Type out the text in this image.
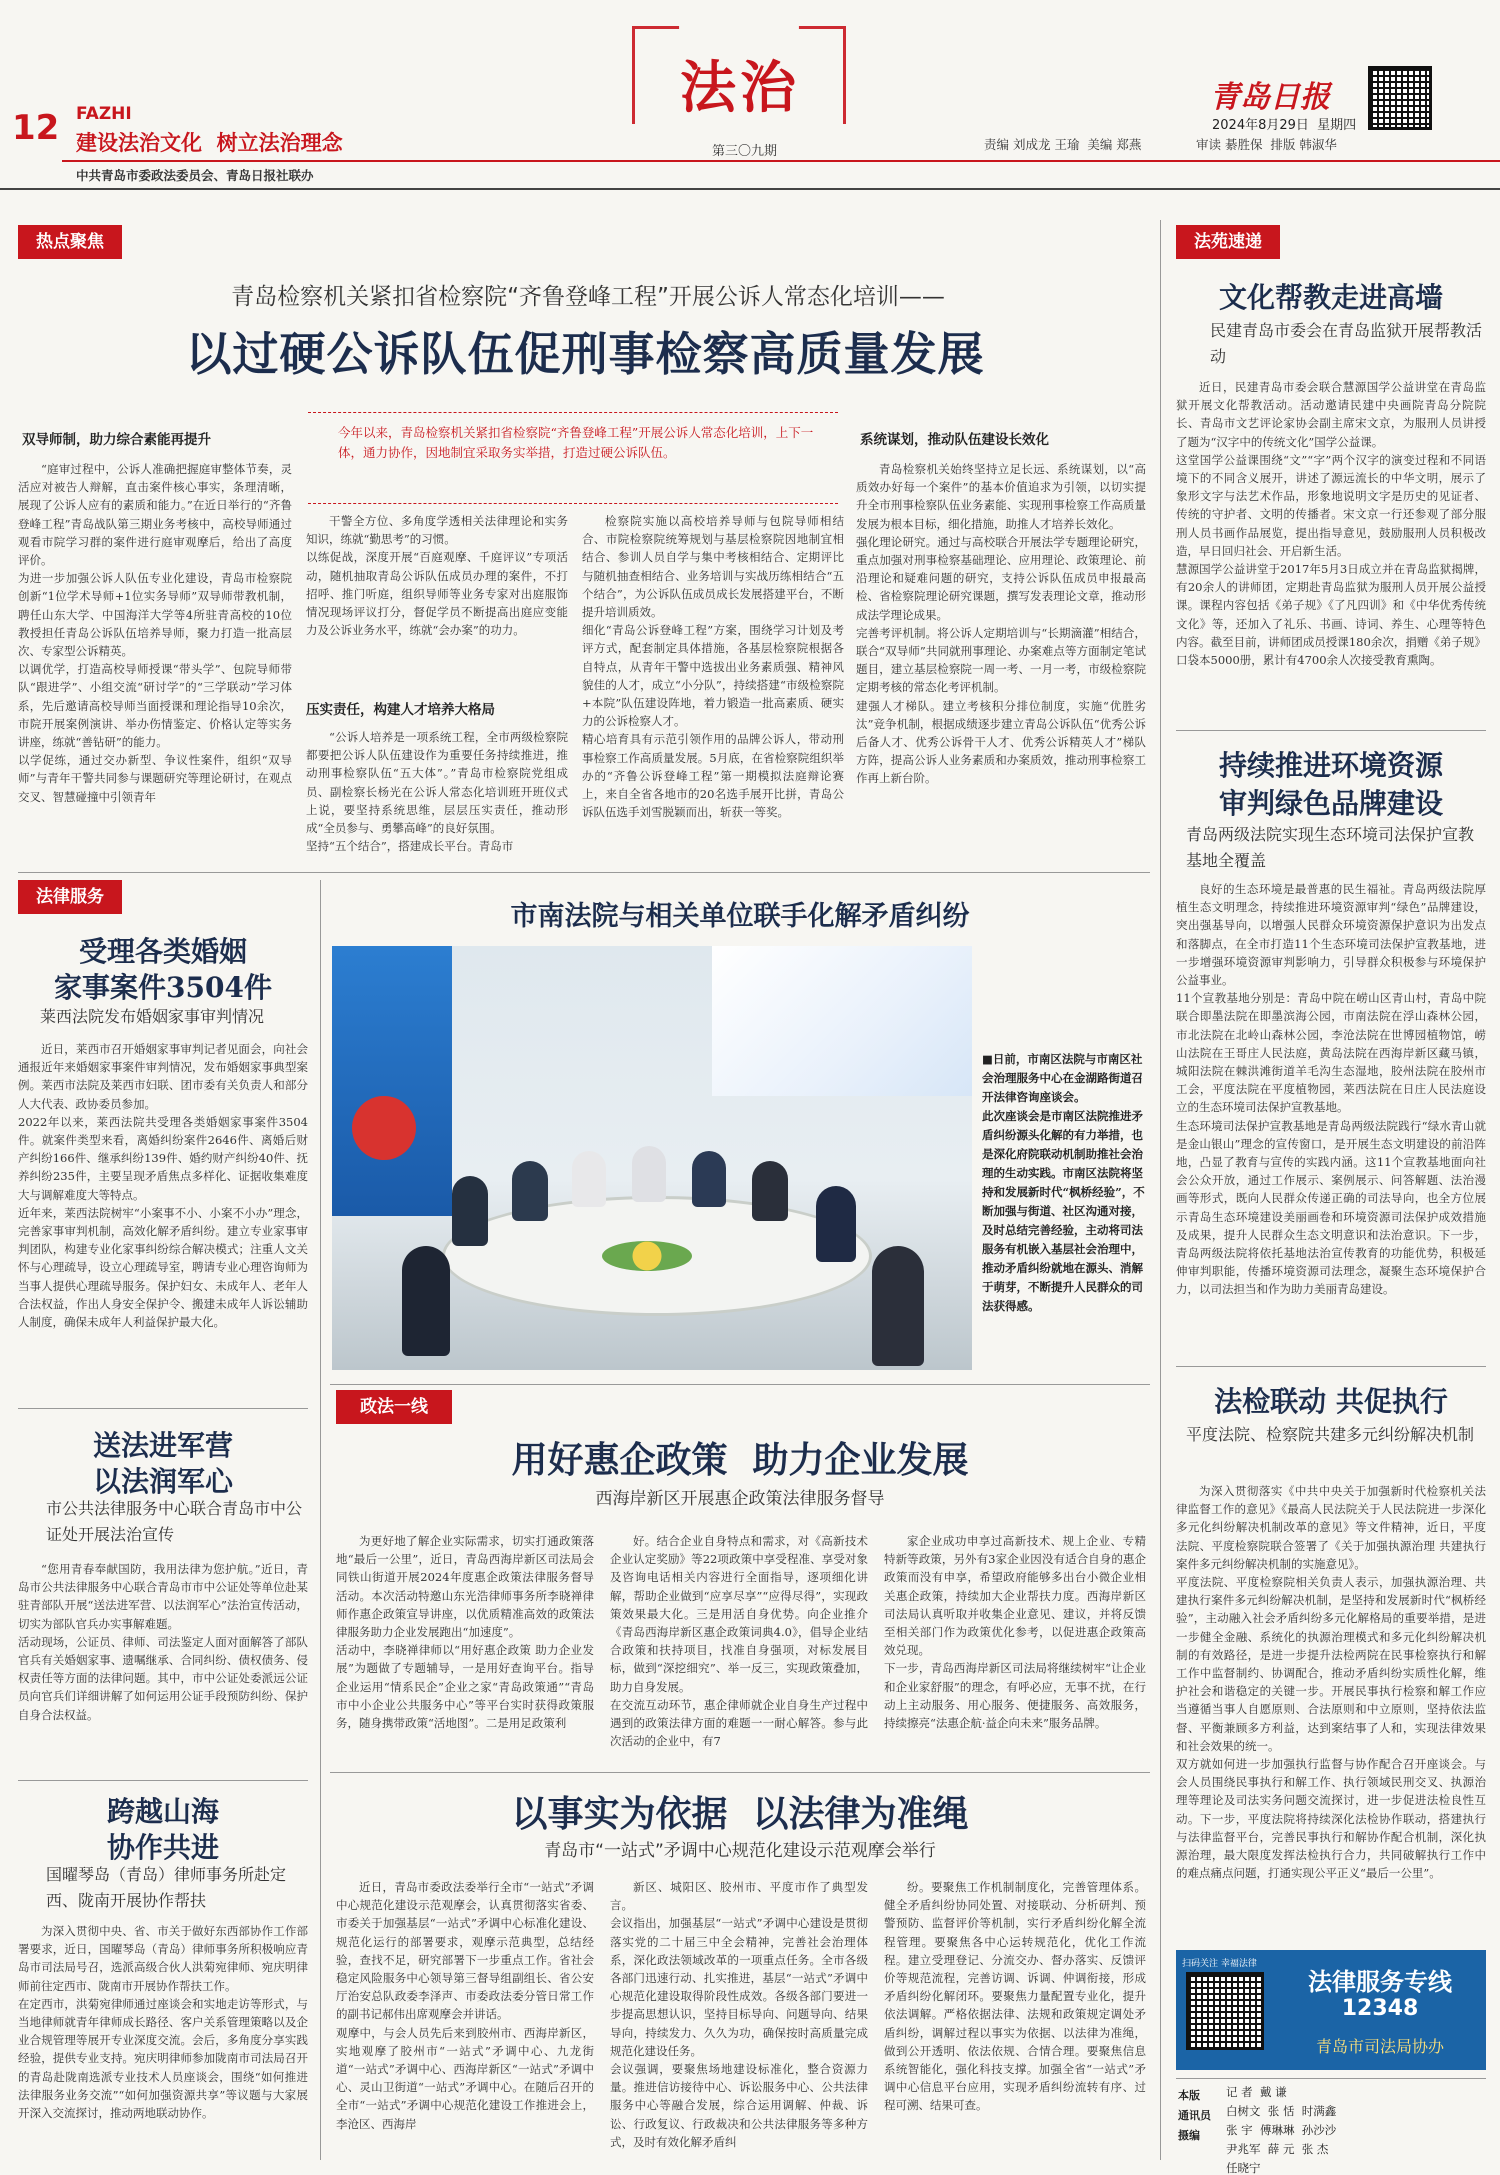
12 FAZHI
建设法治文化  树立法治理念
法治
第三〇九期
青岛日报
2024年8月29日  星期四
责编 刘成龙 王瑜  美编 郑燕	审读 綦胜保  排版 韩淑华
中共青岛市委政法委员会、青岛日报社联办
热点聚焦
青岛检察机关紧扣省检察院“齐鲁登峰工程”开展公诉人常态化培训——
以过硬公诉队伍促刑事检察高质量发展
双导师制，助力综合素能再提升
“庭审过程中，公诉人准确把握庭审整体节奏，灵活应对被告人辩解，直击案件核心事实，条理清晰，展现了公诉人应有的素质和能力。”在近日举行的“齐鲁登峰工程”青岛战队第三期业务考核中，高校导师通过观看市院学习群的案件进行庭审观摩后，给出了高度评价。
为进一步加强公诉人队伍专业化建设，青岛市检察院创新“1位学术导师+1位实务导师”双导师带教机制，聘任山东大学、中国海洋大学等4所驻青高校的10位教授担任青岛公诉队伍培养导师，聚力打造一批高层次、专家型公诉精英。
以调优学，打造高校导师授课“带头学”、包院导师带队“跟进学”、小组交流“研讨学”的“三学联动”学习体系，先后邀请高校导师当面授课和理论指导10余次，市院开展案例演讲、举办伤情鉴定、价格认定等实务讲座，练就“善钻研”的能力。
以学促练，通过交办新型、争议性案件，组织“双导师”与青年干警共同参与课题研究等理论研讨，在观点交叉、智慧碰撞中引领青年
今年以来，青岛检察机关紧扣省检察院“齐鲁登峰工程”开展公诉人常态化培训，上下一体，通力协作，因地制宜采取务实举措，打造过硬公诉队伍。
干警全方位、多角度学透相关法律理论和实务知识，练就“勤思考”的习惯。
以练促战，深度开展“百庭观摩、千庭评议”专项活动，随机抽取青岛公诉队伍成员办理的案件，不打招呼、推门听庭，组织导师等业务专家对出庭服饰情况现场评议打分，督促学员不断提高出庭应变能力及公诉业务水平，练就“会办案”的功力。
压实责任，构建人才培养大格局
“公诉人培养是一项系统工程，全市两级检察院都要把公诉人队伍建设作为重要任务持续推进，推动刑事检察队伍“五大体”。”青岛市检察院党组成员、副检察长杨光在公诉人常态化培训班开班仪式上说，要坚持系统思维，层层压实责任，推动形成“全员参与、勇攀高峰”的良好氛围。
坚持“五个结合”，搭建成长平台。青岛市
检察院实施以高校培养导师与包院导师相结合、市院检察院统筹规划与基层检察院因地制宜相结合、参训人员自学与集中考核相结合、定期评比与随机抽查相结合、业务培训与实战历练相结合“五个结合”，为公诉队伍成员成长发展搭建平台，不断提升培训质效。
细化“青岛公诉登峰工程”方案，围绕学习计划及考评方式，配套制定具体措施，各基层检察院根据各自特点，从青年干警中选拔出业务素质强、精神风貌佳的人才，成立“小分队”，持续搭建“市级检察院+本院”队伍建设阵地，着力锻造一批高素质、硬实力的公诉检察人才。
精心培育具有示范引领作用的品牌公诉人，带动刑事检察工作高质量发展。5月底，在省检察院组织举办的“齐鲁公诉登峰工程”第一期模拟法庭辩论赛上，来自全省各地市的20名选手展开比拼，青岛公诉队伍选手刘雪脱颖而出，斩获一等奖。
系统谋划，推动队伍建设长效化
青岛检察机关始终坚持立足长远、系统谋划，以“高质效办好每一个案件”的基本价值追求为引领，以切实提升全市刑事检察队伍业务素能、实现刑事检察工作高质量发展为根本目标，细化措施，助推人才培养长效化。
强化理论研究。通过与高校联合开展法学专题理论研究，重点加强对刑事检察基础理论、应用理论、政策理论、前沿理论和疑难问题的研究，支持公诉队伍成员申报最高检、省检察院理论研究课题，撰写发表理论文章，推动形成法学理论成果。
完善考评机制。将公诉人定期培训与“长期滴灌”相结合，联合“双导师”共同就刑事理论、办案难点等方面制定笔试题目，建立基层检察院一周一考、一月一考，市级检察院定期考核的常态化考评机制。
建强人才梯队。建立考核积分排位制度，实施“优胜劣汰”竞争机制，根据成绩逐步建立青岛公诉队伍“优秀公诉后备人才、优秀公诉骨干人才、优秀公诉精英人才”梯队方阵，提高公诉人业务素质和办案质效，推动刑事检察工作再上新台阶。
法苑速递
文化帮教走进高墙
民建青岛市委会在青岛监狱开展帮教活动
近日，民建青岛市委会联合慧源国学公益讲堂在青岛监狱开展文化帮教活动。活动邀请民建中央画院青岛分院院长、青岛市文艺评论家协会副主席宋文京，为服刑人员讲授了题为“汉字中的传统文化”国学公益课。
这堂国学公益课围绕“文”“字”两个汉字的演变过程和不同语境下的不同含义展开，讲述了源远流长的中华文明，展示了象形文字与法艺术作品，形象地说明文字是历史的见证者、传统的守护者、文明的传播者。宋文京一行还参观了部分服刑人员书画作品展览，提出指导意见，鼓励服刑人员积极改造，早日回归社会、开启新生活。
慧源国学公益讲堂于2017年5月3日成立并在青岛监狱揭牌，有20余人的讲师团，定期赴青岛监狱为服刑人员开展公益授课。课程内容包括《弟子规》《了凡四训》和《中华优秀传统文化》等，还加入了礼乐、书画、诗词、养生、心理等特色内容。截至目前，讲师团成员授课180余次，捐赠《弟子规》口袋本5000册，累计有4700余人次接受教育熏陶。
持续推进环境资源
审判绿色品牌建设
青岛两级法院实现生态环境司法保护宣教基地全覆盖
良好的生态环境是最普惠的民生福祉。青岛两级法院厚植生态文明理念，持续推进环境资源审判“绿色”品牌建设，突出强基导向，以增强人民群众环境资源保护意识为出发点和落脚点，在全市打造11个生态环境司法保护宣教基地，进一步增强环境资源审判影响力，引导群众积极参与环境保护公益事业。
11个宣教基地分别是：青岛中院在崂山区青山村，青岛中院联合即墨法院在即墨滨海公园，市南法院在浮山森林公园，市北法院在北岭山森林公园，李沧法院在世博园植物馆，崂山法院在王哥庄人民法庭，黄岛法院在西海岸新区藏马镇，城阳法院在棘洪滩街道羊毛沟生态湿地，胶州法院在胶州市工会，平度法院在平度植物园，莱西法院在日庄人民法庭设立的生态环境司法保护宣教基地。
生态环境司法保护宣教基地是青岛两级法院践行“绿水青山就是金山银山”理念的宣传窗口，是开展生态文明建设的前沿阵地，凸显了教育与宣传的实践内涵。这11个宣教基地面向社会公众开放，通过工作展示、案例展示、问答解题、法治漫画等形式，既向人民群众传递正确的司法导向，也全方位展示青岛生态环境建设美丽画卷和环境资源司法保护成效措施及成果，提升人民群众生态文明意识和法治意识。下一步，青岛两级法院将依托基地法治宣传教育的功能优势，积极延伸审判职能，传播环境资源司法理念，凝聚生态环境保护合力，以司法担当和作为助力美丽青岛建设。
法检联动 共促执行
平度法院、检察院共建多元纠纷解决机制
为深入贯彻落实《中共中央关于加强新时代检察机关法律监督工作的意见》《最高人民法院关于人民法院进一步深化多元化纠纷解决机制改革的意见》等文件精神，近日，平度法院、平度检察院联合签署了《关于加强执源治理 共建执行案件多元纠纷解决机制的实施意见》。
平度法院、平度检察院相关负责人表示，加强执源治理、共建执行案件多元纠纷解决机制，是坚持和发展新时代“枫桥经验”，主动融入社会矛盾纠纷多元化解格局的重要举措，是进一步健全金融、系统化的执源治理模式和多元化纠纷解决机制的有效路径，是进一步提升法检两院在民事检察执行和解工作中监督制约、协调配合，推动矛盾纠纷实质性化解，维护社会和谐稳定的关键一步。开展民事执行检察和解工作应当遵循当事人自愿原则、合法原则和中立原则，坚持依法监督、平衡兼顾多方利益，达到案结事了人和，实现法律效果和社会效果的统一。
双方就如何进一步加强执行监督与协作配合召开座谈会。与会人员围绕民事执行和解工作、执行领域民刑交叉、执源治理等理论及司法实务问题交流探讨，进一步促进法检良性互动。下一步，平度法院将持续深化法检协作联动，搭建执行与法律监督平台，完善民事执行和解协作配合机制，深化执源治理，最大限度发挥法检执行合力，共同破解执行工作中的难点痛点问题，打通实现公平正义“最后一公里”。
扫码关注 幸福法律
法律服务专线
12348
青岛市司法局协办
本版
通讯员
摄编
记 者  戴 谦
白树文  张 恬  时满鑫
张 宇  傅琳琳  孙沙沙
尹兆军  薛 元  张 杰
任晓宁
法律服务
受理各类婚姻
家事案件3504件
莱西法院发布婚姻家事审判情况
近日，莱西市召开婚姻家事审判记者见面会，向社会通报近年来婚姻家事案件审判情况，发布婚姻家事典型案例。莱西市法院及莱西市妇联、团市委有关负责人和部分人大代表、政协委员参加。
2022年以来，莱西法院共受理各类婚姻家事案件3504件。就案件类型来看，离婚纠纷案件2646件、离婚后财产纠纷166件、继承纠纷139件、婚约财产纠纷40件、抚养纠纷235件，主要呈现矛盾焦点多样化、证据收集难度大与调解难度大等特点。
近年来，莱西法院树牢“小案事不小、小案不小办”理念，完善家事审判机制，高效化解矛盾纠纷。建立专业家事审判团队，构建专业化家事纠纷综合解决模式；注重人文关怀与心理疏导，设立心理疏导室，聘请专业心理咨询师为当事人提供心理疏导服务。保护妇女、未成年人、老年人合法权益，作出人身安全保护令、搬建未成年人诉讼辅助人制度，确保未成年人利益保护最大化。
送法进军营
以法润军心
市公共法律服务中心联合青岛市中公证处开展法治宣传
“您用青春奉献国防，我用法律为您护航。”近日，青岛市公共法律服务中心联合青岛市市中公证处等单位赴某驻青部队开展“送法进军营、以法润军心”法治宣传活动，切实为部队官兵办实事解难题。
活动现场，公证员、律师、司法鉴定人面对面解答了部队官兵有关婚姻家事、遗嘱继承、合同纠纷、债权债务、侵权责任等方面的法律问题。其中，市中公证处委派远公证员向官兵们详细讲解了如何运用公证手段预防纠纷、保护自身合法权益。
跨越山海
协作共进
国曜琴岛（青岛）律师事务所赴定西、陇南开展协作帮扶
为深入贯彻中央、省、市关于做好东西部协作工作部署要求，近日，国曜琴岛（青岛）律师事务所积极响应青岛市司法局号召，选派高级合伙人洪菊宛律师、宛庆明律师前往定西市、陇南市开展协作帮扶工作。
在定西市，洪菊宛律师通过座谈会和实地走访等形式，与当地律师就青年律师成长路径、客户关系管理策略以及企业合规管理等展开专业深度交流。会后，多角度分享实践经验，提供专业支持。宛庆明律师参加陇南市司法局召开的青岛赴陇南选派专业技术人员座谈会，围绕“如何推进法律服务业务交流”“如何加强资源共享”等议题与大家展开深入交流探讨，推动两地联动协作。
市南法院与相关单位联手化解矛盾纠纷
■日前，市南区法院与市南区社会治理服务中心在金湖路街道召开法律咨询座谈会。
此次座谈会是市南区法院推进矛盾纠纷源头化解的有力举措，也是深化府院联动机制助推社会治理的生动实践。市南区法院将坚持和发展新时代“枫桥经验”，不断加强与街道、社区沟通对接，及时总结完善经验，主动将司法服务有机嵌入基层社会治理中，推动矛盾纠纷就地在源头、消解于萌芽，不断提升人民群众的司法获得感。
政法一线
用好惠企政策  助力企业发展
西海岸新区开展惠企政策法律服务督导
为更好地了解企业实际需求，切实打通政策落地“最后一公里”，近日，青岛西海岸新区司法局会同铁山街道开展2024年度惠企政策法律服务督导活动。本次活动特邀山东光浩律师事务所李晓禅律师作惠企政策宣导讲座，以优质精准高效的政策法律服务助力企业发展跑出“加速度”。
活动中，李晓禅律师以“用好惠企政策 助力企业发展”为题做了专题辅导，一是用好查询平台。指导企业运用“情系民企”企业之家“青岛政策通”“青岛市中小企业公共服务中心”等平台实时获得政策服务，随身携带政策“活地图”。二是用足政策利
好。结合企业自身特点和需求，对《高新技术企业认定奖励》等22项政策中享受程准、享受对象及咨询电话相关内容进行全面指导，逐项细化讲解，帮助企业做到“应享尽享”“应得尽得”，实现政策效果最大化。三是用活自身优势。向企业推介《青岛西海岸新区惠企政策词典4.0》，倡导企业结合政策和扶持项目，找准自身强项，对标发展目标，做到“深挖细究”、举一反三，实现政策叠加，助力自身发展。
在交流互动环节，惠企律师就企业自身生产过程中遇到的政策法律方面的难题一一耐心解答。参与此次活动的企业中，有7
家企业成功申享过高新技术、规上企业、专精特新等政策，另外有3家企业因没有适合自身的惠企政策而没有申享，希望政府能够多出台小微企业相关惠企政策，持续加大企业帮扶力度。西海岸新区司法局认真听取并收集企业意见、建议，并将反馈至相关部门作为政策优化参考，以促进惠企政策高效兑现。
下一步，青岛西海岸新区司法局将继续树牢“让企业和企业家舒服”的理念，有呼必应，无事不扰，在行动上主动服务、用心服务、便捷服务、高效服务，持续擦亮“法惠企航·益企向未来”服务品牌。
以事实为依据  以法律为准绳
青岛市“一站式”矛调中心规范化建设示范观摩会举行
近日，青岛市委政法委举行全市“一站式”矛调中心规范化建设示范观摩会，认真贯彻落实省委、市委关于加强基层“一站式”矛调中心标准化建设、规范化运行的部署要求，观摩示范典型，总结经验，查找不足，研究部署下一步重点工作。省社会稳定风险服务中心领导第三督导组副组长、省公安厅治安总队政委李泽声、市委政法委分管日常工作的副书记郝伟出席观摩会并讲话。
观摩中，与会人员先后来到胶州市、西海岸新区，实地观摩了胶州市“一站式”矛调中心、九龙街道“一站式”矛调中心、西海岸新区“一站式”矛调中心、灵山卫街道“一站式”矛调中心。在随后召开的全市“一站式”矛调中心规范化建设工作推进会上，李沧区、西海岸
新区、城阳区、胶州市、平度市作了典型发言。
会议指出，加强基层“一站式”矛调中心建设是贯彻落实党的二十届三中全会精神，完善社会治理体系，深化政法领域改革的一项重点任务。全市各级各部门迅速行动、扎实推进，基层“一站式”矛调中心规范化建设取得阶段性成效。各级各部门要进一步提高思想认识，坚持目标导向、问题导向、结果导向，持续发力、久久为功，确保按时高质量完成规范化建设任务。
会议强调，要聚焦场地建设标准化，整合资源力量。推进信访接待中心、诉讼服务中心、公共法律服务中心等融合发展，综合运用调解、仲裁、诉讼、行政复议、行政裁决和公共法律服务等多种方式，及时有效化解矛盾纠
纷。要聚焦工作机制制度化，完善管理体系。健全矛盾纠纷协同处置、对接联动、分析研判、预警预防、监督评价等机制，实行矛盾纠纷化解全流程管理。要聚焦各中心运转规范化，优化工作流程。建立受理登记、分流交办、督办落实、反馈评价等规范流程，完善访调、诉调、仲调衔接，形成矛盾纠纷化解闭环。要聚焦力量配置专业化，提升依法调解。严格依据法律、法规和政策规定调处矛盾纠纷，调解过程以事实为依据、以法律为准绳，做到公开透明、依法依规、合情合理。要聚焦信息系统智能化，强化科技支撑。加强全省“一站式”矛调中心信息平台应用，实现矛盾纠纷流转有序、过程可溯、结果可查。
